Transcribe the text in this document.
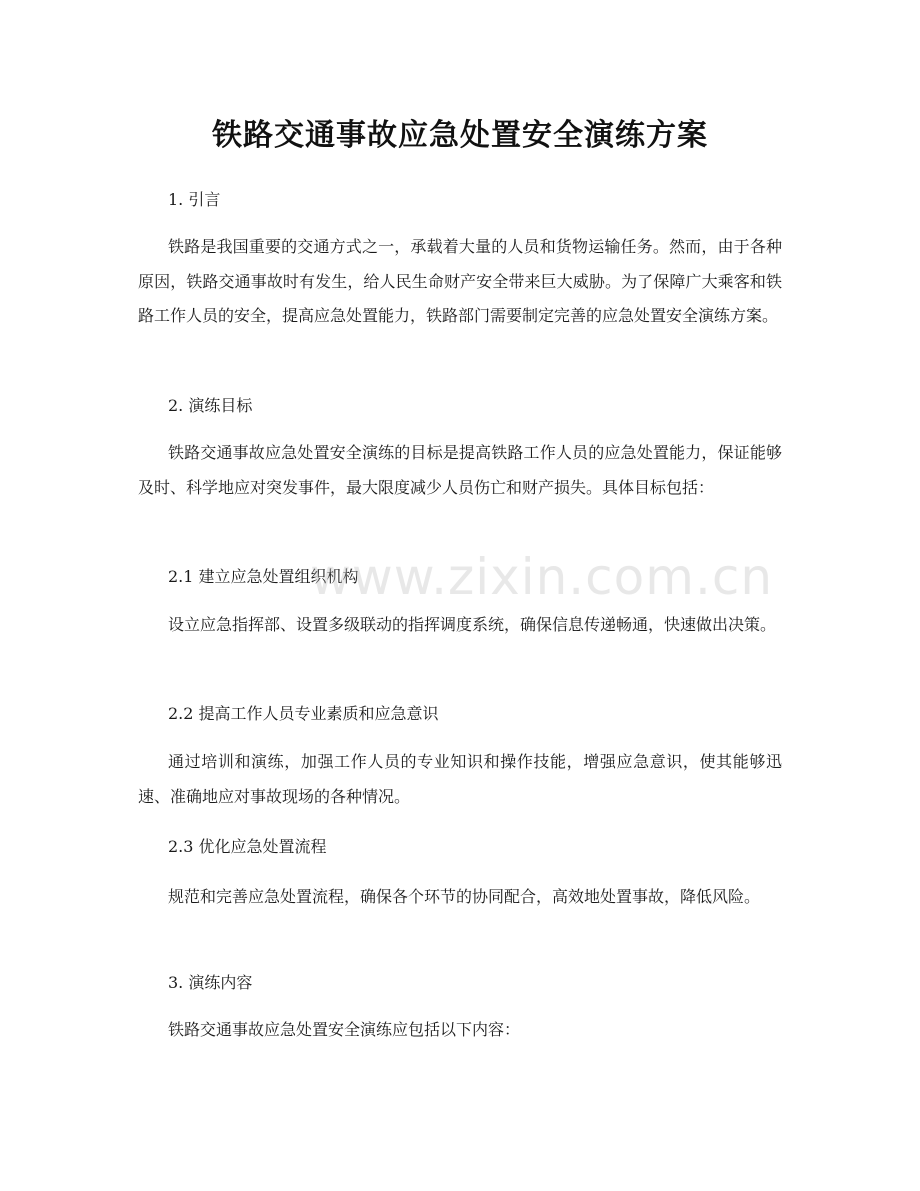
铁路交通事故应急处置安全演练方案

1. 引言

铁路是我国重要的交通方式之一，承载着大量的人员和货物运输任务。然而，由于各种原因，铁路交通事故时有发生，给人民生命财产安全带来巨大威胁。为了保障广大乘客和铁路工作人员的安全，提高应急处置能力，铁路部门需要制定完善的应急处置安全演练方案。

2. 演练目标

铁路交通事故应急处置安全演练的目标是提高铁路工作人员的应急处置能力，保证能够及时、科学地应对突发事件，最大限度减少人员伤亡和财产损失。具体目标包括：

2.1 建立应急处置组织机构

设立应急指挥部、设置多级联动的指挥调度系统，确保信息传递畅通，快速做出决策。

2.2 提高工作人员专业素质和应急意识

通过培训和演练，加强工作人员的专业知识和操作技能，增强应急意识，使其能够迅速、准确地应对事故现场的各种情况。

2.3 优化应急处置流程

规范和完善应急处置流程，确保各个环节的协同配合，高效地处置事故，降低风险。

3. 演练内容

铁路交通事故应急处置安全演练应包括以下内容：

www.zixin.com.cn
